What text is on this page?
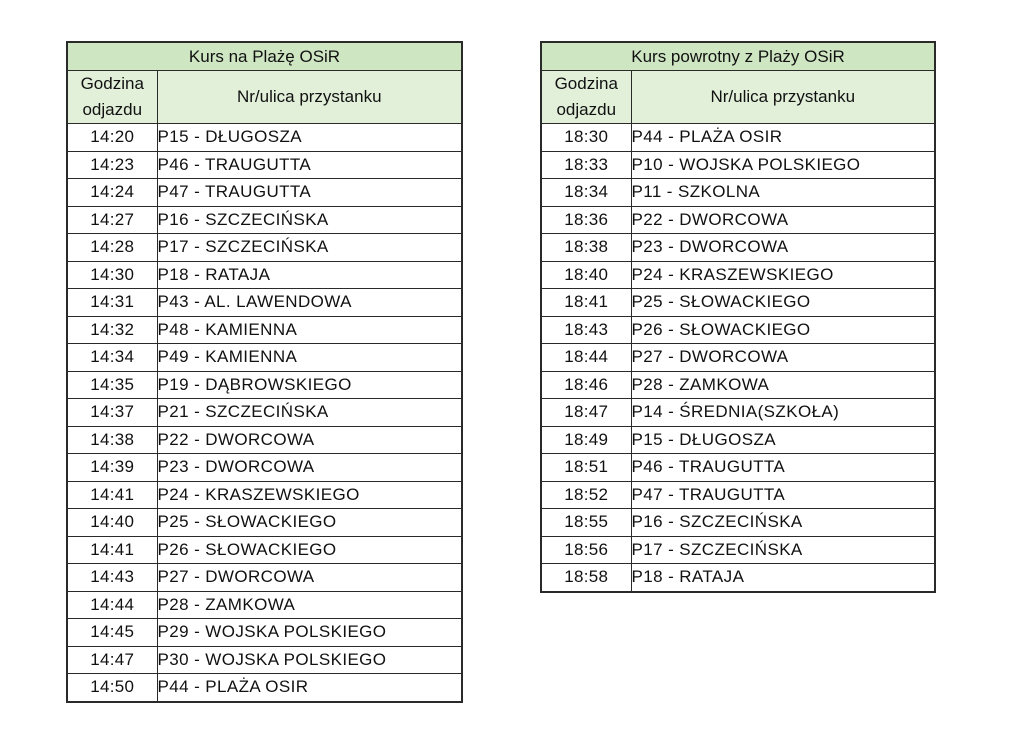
Kurs na Plażę OSiR	
Godzina
odjazdu	Nr/ulica przystanku
14:20	P15 - DŁUGOSZA
14:23	P46 - TRAUGUTTA
14:24	P47 - TRAUGUTTA
14:27	P16 - SZCZECIŃSKA
14:28	P17 - SZCZECIŃSKA
14:30	P18 - RATAJA
14:31	P43 - AL. LAWENDOWA
14:32	P48 - KAMIENNA
14:34	P49 - KAMIENNA
14:35	P19 - DĄBROWSKIEGO
14:37	P21 - SZCZECIŃSKA
14:38	P22 - DWORCOWA
14:39	P23 - DWORCOWA
14:41	P24 - KRASZEWSKIEGO
14:40	P25 - SŁOWACKIEGO
14:41	P26 - SŁOWACKIEGO
14:43	P27 - DWORCOWA
14:44	P28 - ZAMKOWA
14:45	P29 - WOJSKA POLSKIEGO
14:47	P30 - WOJSKA POLSKIEGO
14:50	P44 - PLAŻA OSIR
Kurs powrotny z Plaży OSiR	
Godzina
odjazdu	Nr/ulica przystanku
18:30	P44 - PLAŻA OSIR
18:33	P10 - WOJSKA POLSKIEGO
18:34	P11 - SZKOLNA
18:36	P22 - DWORCOWA
18:38	P23 - DWORCOWA
18:40	P24 - KRASZEWSKIEGO
18:41	P25 - SŁOWACKIEGO
18:43	P26 - SŁOWACKIEGO
18:44	P27 - DWORCOWA
18:46	P28 - ZAMKOWA
18:47	P14 - ŚREDNIA(SZKOŁA)
18:49	P15 - DŁUGOSZA
18:51	P46 - TRAUGUTTA
18:52	P47 - TRAUGUTTA
18:55	P16 - SZCZECIŃSKA
18:56	P17 - SZCZECIŃSKA
18:58	P18 - RATAJA
